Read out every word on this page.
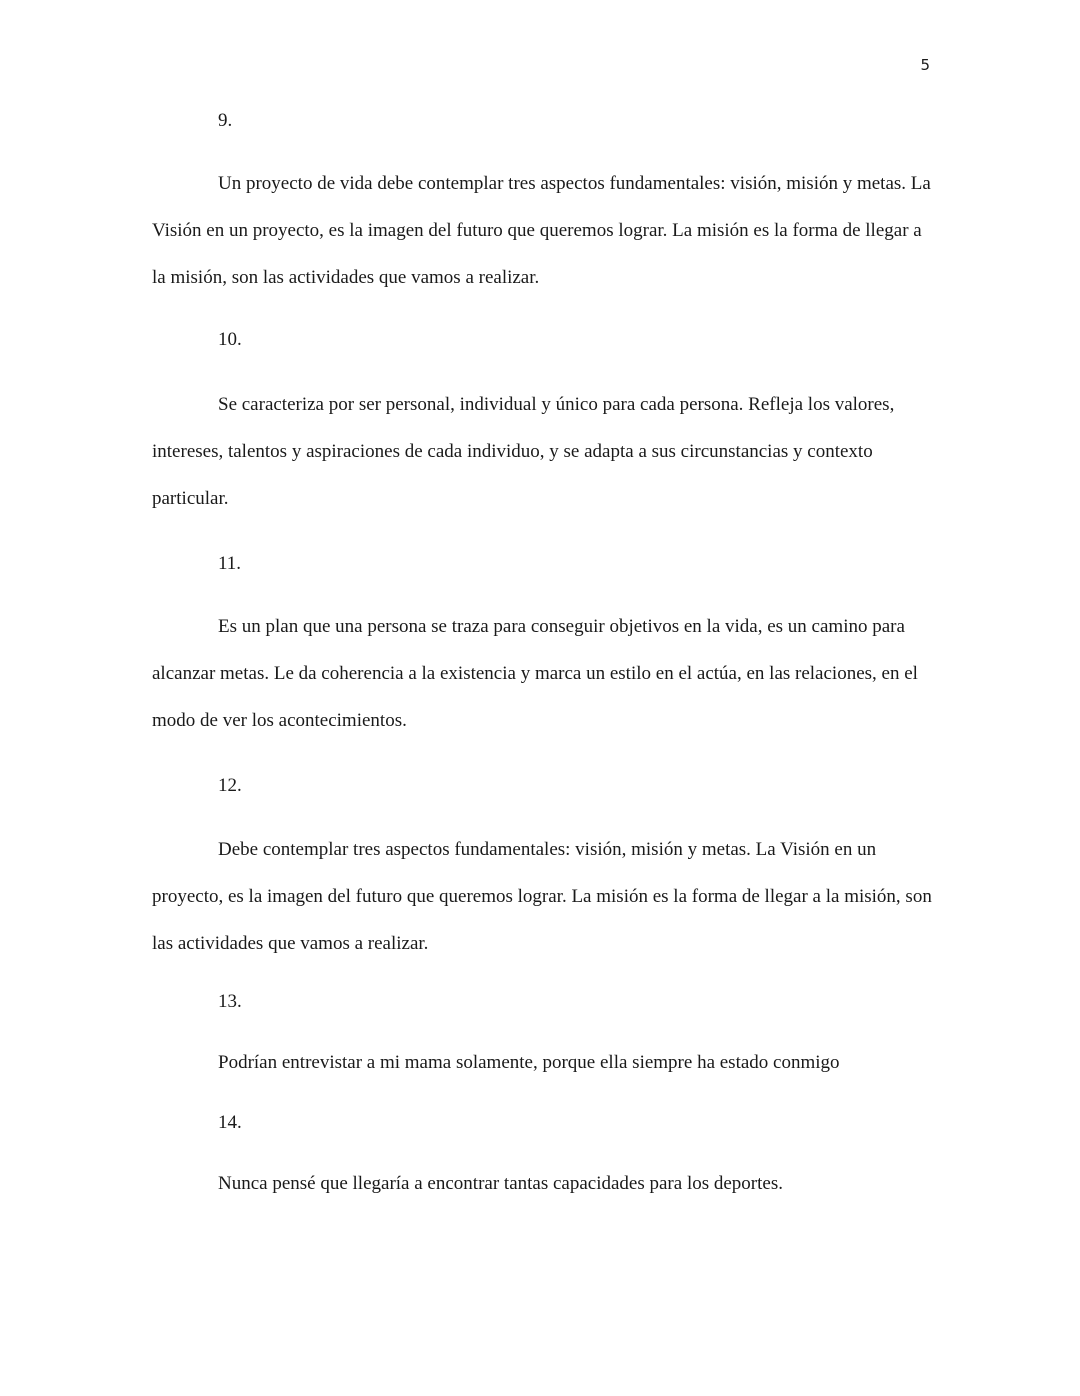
5
9.

Un proyecto de vida debe contemplar tres aspectos fundamentales: visión, misión y metas. La Visión en un proyecto, es la imagen del futuro que queremos lograr. La misión es la forma de llegar a la misión, son las actividades que vamos a realizar.

10.

Se caracteriza por ser personal, individual y único para cada persona. Refleja los valores, intereses, talentos y aspiraciones de cada individuo, y se adapta a sus circunstancias y contexto particular.

11.

Es un plan que una persona se traza para conseguir objetivos en la vida, es un camino para alcanzar metas. Le da coherencia a la existencia y marca un estilo en el actúa, en las relaciones, en el modo de ver los acontecimientos.

12.

Debe contemplar tres aspectos fundamentales: visión, misión y metas. La Visión en un proyecto, es la imagen del futuro que queremos lograr. La misión es la forma de llegar a la misión, son las actividades que vamos a realizar.

13.

Podrían entrevistar a mi mama solamente, porque ella siempre ha estado conmigo

14.

Nunca pensé que llegaría a encontrar tantas capacidades para los deportes.
